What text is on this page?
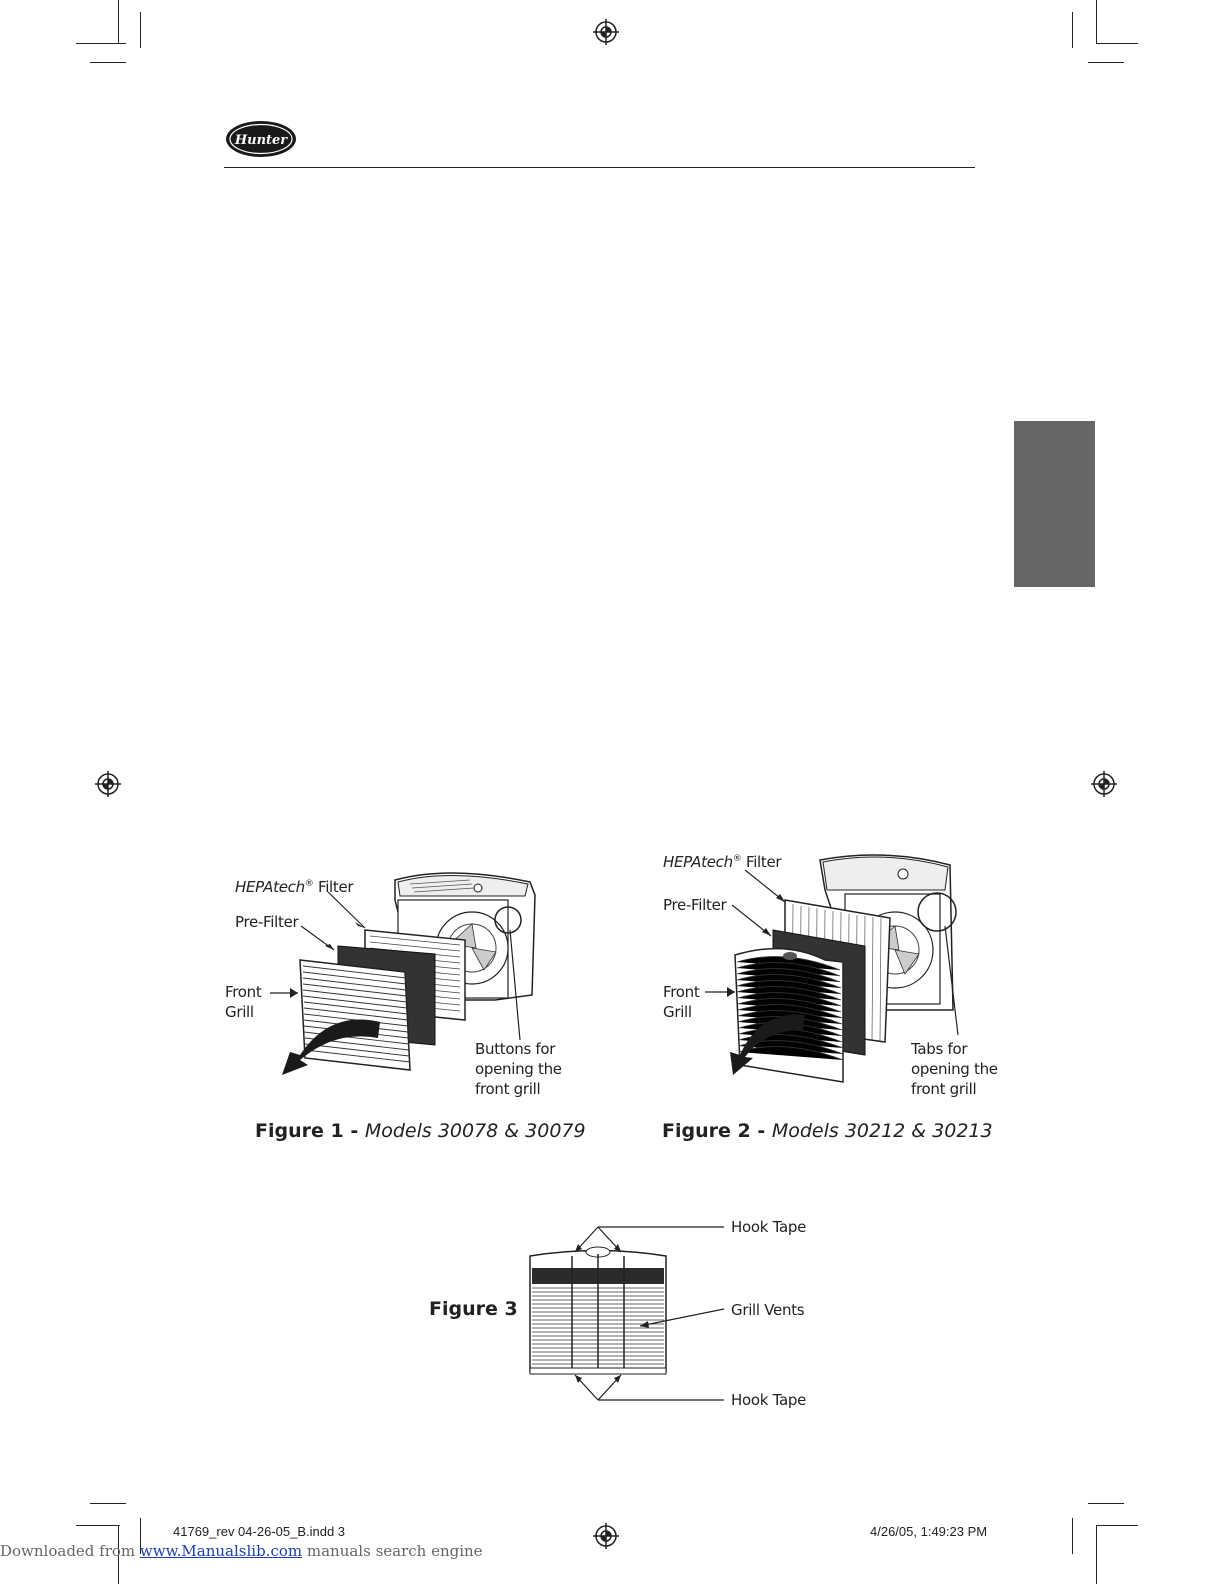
Hunter
HEPAtech® Filter
Pre-Filter
Front
Grill
Buttons for
opening the
front grill
Figure 1 - Models 30078 & 30079
HEPAtech® Filter
Pre-Filter
Front
Grill
Tabs for
opening the
front grill
Figure 2 - Models 30212 & 30213
Figure 3
Hook Tape
Grill Vents
Hook Tape
41769_rev 04-26-05_B.indd 3	4/26/05, 1:49:23 PM
Downloaded from www.Manualslib.com manuals search engine
